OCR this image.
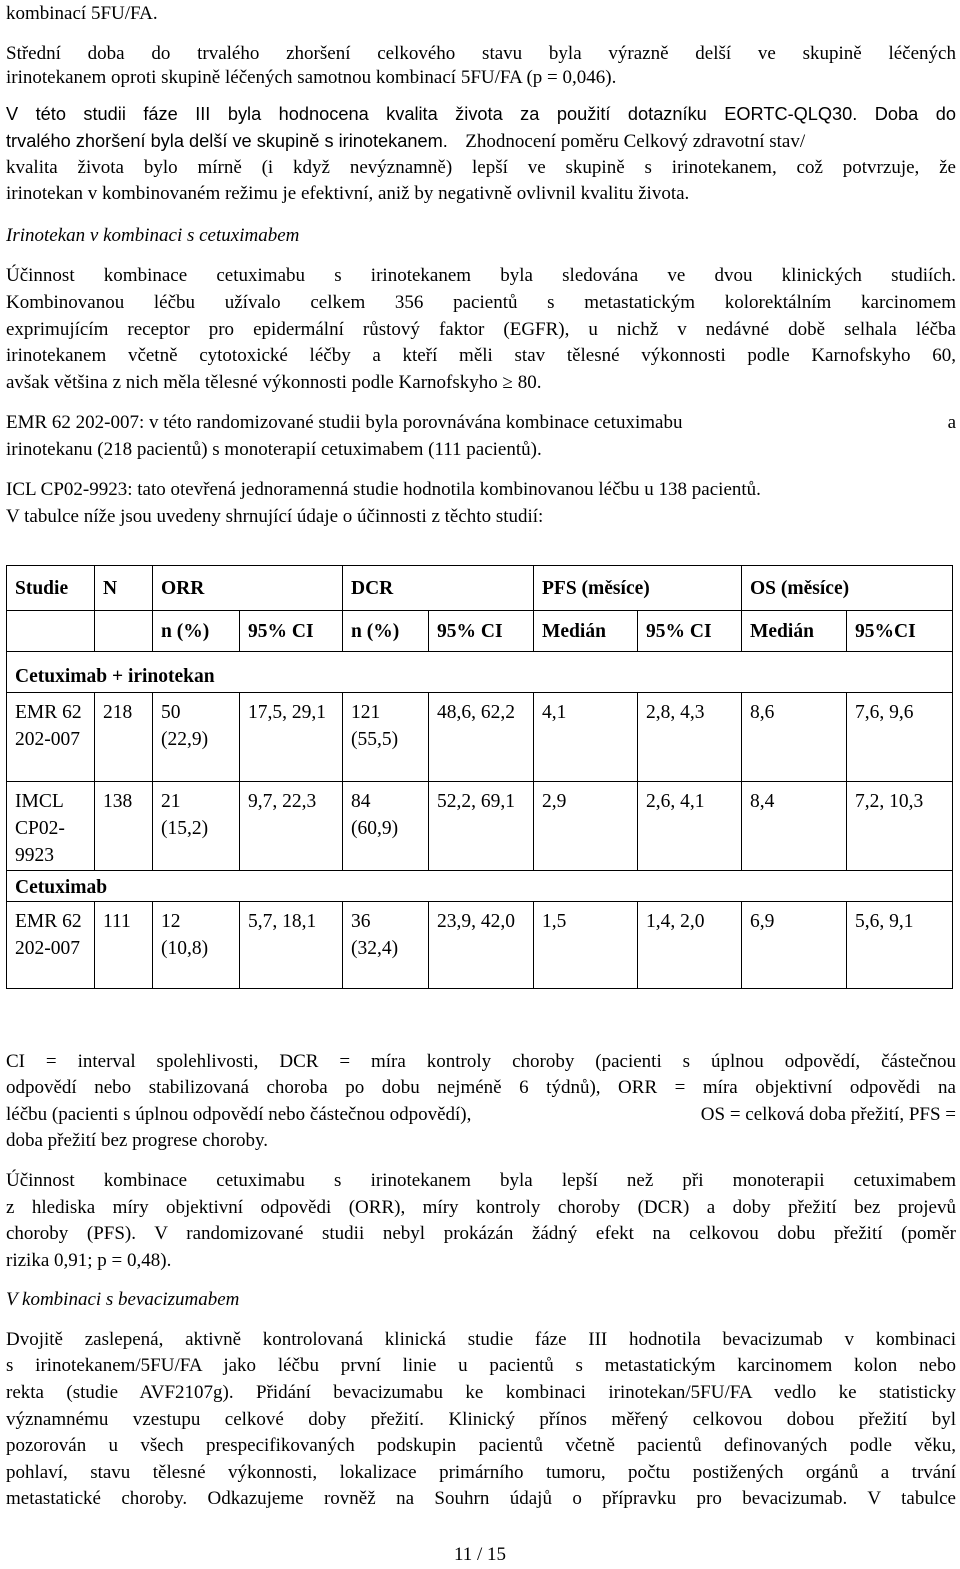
kombinací 5FU/FA.
Střední doba do trvalého zhoršení celkového stavu byla výrazně delší ve skupině léčených
irinotekanem oproti skupině léčených samotnou kombinací 5FU/FA (p = 0,046).
V této studii fáze III byla hodnocena kvalita života za použití dotazníku EORTC-QLQ30. Doba do
trvalého zhoršení byla delší ve skupině s irinotekanem. Zhodnocení poměru Celkový zdravotní stav/
kvalita života bylo mírně (i když nevýznamně) lepší ve skupině s irinotekanem, což potvrzuje, že
irinotekan v kombinovaném režimu je efektivní, aniž by negativně ovlivnil kvalitu života.
Irinotekan v kombinaci s cetuximabem
Účinnost kombinace cetuximabu s irinotekanem byla sledována ve dvou klinických studiích.
Kombinovanou léčbu užívalo celkem 356 pacientů s metastatickým kolorektálním karcinomem
exprimujícím receptor pro epidermální růstový faktor (EGFR), u nichž v nedávné době selhala léčba
irinotekanem včetně cytotoxické léčby a kteří měli stav tělesné výkonnosti podle Karnofskyho 60,
avšak většina z nich měla tělesné výkonnosti podle Karnofskyho ≥ 80.
EMR 62 202-007: v této randomizované studii byla porovnávána kombinace cetuximabu	a
irinotekanu (218 pacientů) s monoterapií cetuximabem (111 pacientů).
ICL CP02-9923: tato otevřená jednoramenná studie hodnotila kombinovanou léčbu u 138 pacientů.
V tabulce níže jsou uvedeny shrnující údaje o účinnosti z těchto studií:
Studie	N	ORR		DCR		PFS (měsíce)		OS (měsíce)	
		n (%)	95% CI	n (%)	95% CI	Medián	95% CI	Medián	95%CI
Cetuximab + irinotekan									
EMR 62 202-007	218	50 (22,9)	17,5, 29,1	121 (55,5)	48,6, 62,2	4,1	2,8, 4,3	8,6	7,6, 9,6
IMCL CP02-9923	138	21 (15,2)	9,7, 22,3	84 (60,9)	52,2, 69,1	2,9	2,6, 4,1	8,4	7,2, 10,3
Cetuximab									
EMR 62 202-007	111	12 (10,8)	5,7, 18,1	36 (32,4)	23,9, 42,0	1,5	1,4, 2,0	6,9	5,6, 9,1
CI = interval spolehlivosti, DCR = míra kontroly choroby (pacienti s úplnou odpovědí, částečnou
odpovědí nebo stabilizovaná choroba po dobu nejméně 6 týdnů), ORR = míra objektivní odpovědi na
léčbu (pacienti s úplnou odpovědí nebo částečnou odpovědí),	OS = celková doba přežití, PFS =
doba přežití bez progrese choroby.
Účinnost kombinace cetuximabu s irinotekanem byla lepší než při monoterapii cetuximabem
z hlediska míry objektivní odpovědi (ORR), míry kontroly choroby (DCR) a doby přežití bez projevů
choroby (PFS). V randomizované studii nebyl prokázán žádný efekt na celkovou dobu přežití (poměr
rizika 0,91; p = 0,48).
V kombinaci s bevacizumabem
Dvojitě zaslepená, aktivně kontrolovaná klinická studie fáze III hodnotila bevacizumab v kombinaci
s irinotekanem/5FU/FA jako léčbu první linie u pacientů s metastatickým karcinomem kolon nebo
rekta (studie AVF2107g). Přidání bevacizumabu ke kombinaci irinotekan/5FU/FA vedlo ke statisticky
významnému vzestupu celkové doby přežití. Klinický přínos měřený celkovou dobou přežití byl
pozorován u všech prespecifikovaných podskupin pacientů včetně pacientů definovaných podle věku,
pohlaví, stavu tělesné výkonnosti, lokalizace primárního tumoru, počtu postižených orgánů a trvání
metastatické choroby. Odkazujeme rovněž na Souhrn údajů o přípravku pro bevacizumab. V tabulce
11 / 15
